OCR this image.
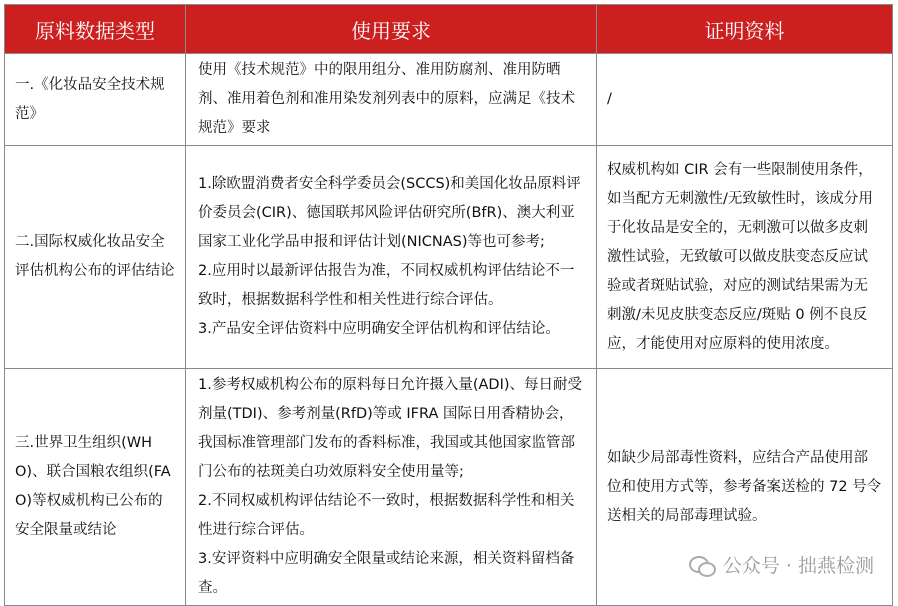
原料数据类型	使用要求	证明资料
一.《化妆品安全技术规范》	使用《技术规范》中的限用组分、准用防腐剂、准用防晒剂、准用着色剂和准用染发剂列表中的原料，应满足《技术规范》要求	/
二.国际权威化妆品安全评估机构公布的评估结论	1.除欧盟消费者安全科学委员会(SCCS)和美国化妆品原料评价委员会(CIR)、德国联邦风险评估研究所(BfR)、澳大利亚国家工业化学品申报和评估计划(NICNAS)等也可参考;
2.应用时以最新评估报告为准，不同权威机构评估结论不一致时，根据数据科学性和相关性进行综合评估。
3.产品安全评估资料中应明确安全评估机构和评估结论。	权威机构如 CIR 会有一些限制使用条件，如当配方无刺激性/无致敏性时，该成分用于化妆品是安全的，无刺激可以做多皮刺激性试验，无致敏可以做皮肤变态反应试验或者斑贴试验，对应的测试结果需为无刺激/未见皮肤变态反应/斑贴 0 例不良反应，才能使用对应原料的使用浓度。
三.世界卫生组织(WHO)、联合国粮农组织(FAO)等权威机构已公布的安全限量或结论	1.参考权威机构公布的原料每日允许摄入量(ADI)、每日耐受剂量(TDI)、参考剂量(RfD)等或 IFRA 国际日用香精协会，我国标准管理部门发布的香料标准，我国或其他国家监管部门公布的祛斑美白功效原料安全使用量等;
2.不同权威机构评估结论不一致时，根据数据科学性和相关性进行综合评估。
3.安评资料中应明确安全限量或结论来源，相关资料留档备查。	如缺少局部毒性资料，应结合产品使用部位和使用方式等，参考备案送检的 72 号令送相关的局部毒理试验。
公众号 · 拙燕检测
